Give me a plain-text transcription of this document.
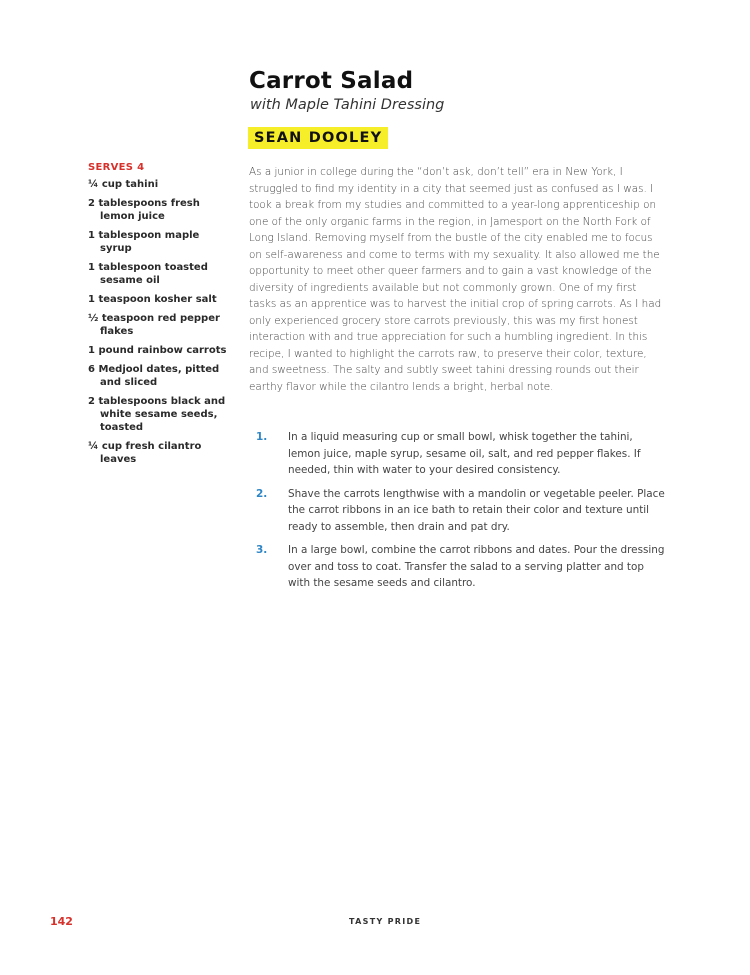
Carrot Salad
with Maple Tahini Dressing
SEAN DOOLEY
SERVES 4
¼ cup tahini
2 tablespoons fresh lemon juice
1 tablespoon maple syrup
1 tablespoon toasted sesame oil
1 teaspoon kosher salt
½ teaspoon red pepper flakes
1 pound rainbow carrots
6 Medjool dates, pitted and sliced
2 tablespoons black and white sesame seeds, toasted
¼ cup fresh cilantro leaves

As a junior in college during the “don’t ask, don’t tell” era in New York, I struggled to find my identity in a city that seemed just as confused as I was. I took a break from my studies and committed to a year-long apprenticeship on one of the only organic farms in the region, in Jamesport on the North Fork of Long Island. Removing myself from the bustle of the city enabled me to focus on self-awareness and come to terms with my sexuality. It also allowed me the opportunity to meet other queer farmers and to gain a vast knowledge of the diversity of ingredients available but not commonly grown. One of my first tasks as an apprentice was to harvest the initial crop of spring carrots. As I had only experienced grocery store carrots previously, this was my first honest interaction with and true appreciation for such a humbling ingredient. In this recipe, I wanted to highlight the carrots raw, to preserve their color, texture, and sweetness. The salty and subtly sweet tahini dressing rounds out their earthy flavor while the cilantro lends a bright, herbal note.

1.	In a liquid measuring cup or small bowl, whisk together the tahini, lemon juice, maple syrup, sesame oil, salt, and red pepper flakes. If needed, thin with water to your desired consistency.
2.	Shave the carrots lengthwise with a mandolin or vegetable peeler. Place the carrot ribbons in an ice bath to retain their color and texture until ready to assemble, then drain and pat dry.
3.	In a large bowl, combine the carrot ribbons and dates. Pour the dressing over and toss to coat. Transfer the salad to a serving platter and top with the sesame seeds and cilantro.
142	TASTY PRIDE
